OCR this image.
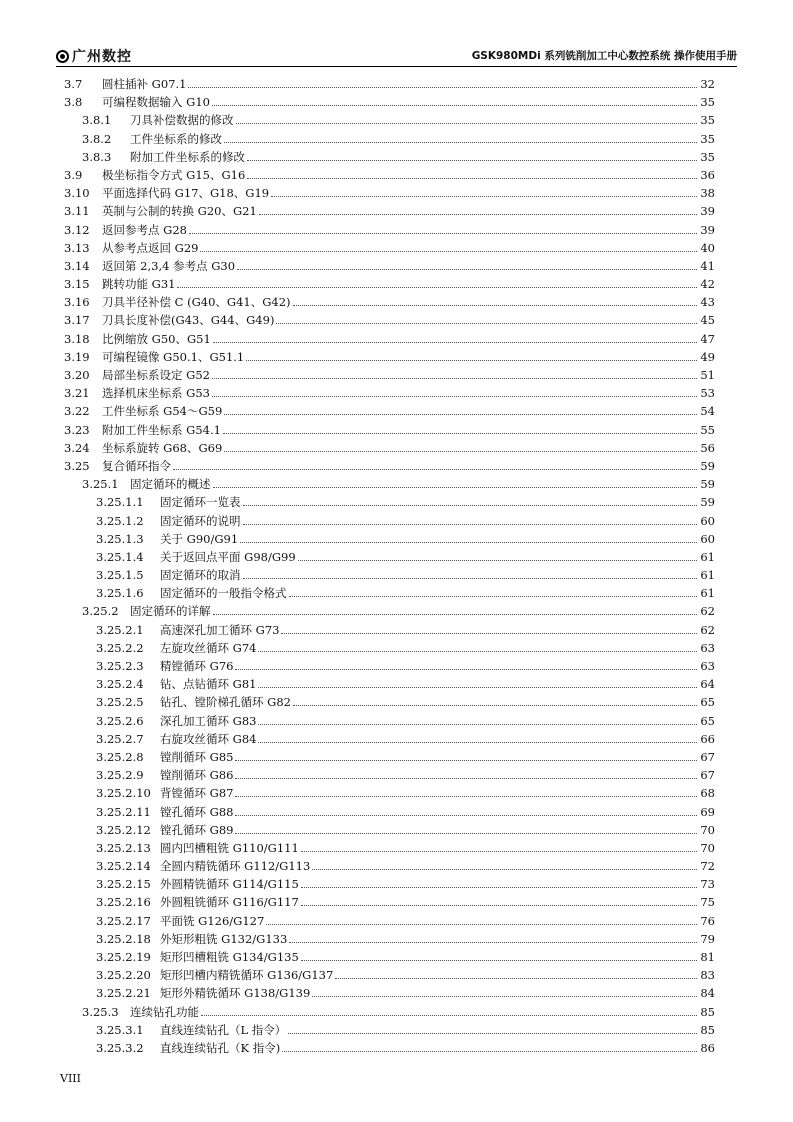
广州数控	GSK980MDi 系列铣削加工中心数控系统 操作使用手册
3.7	圆柱插补 G07.1	32
3.8	可编程数据输入 G10	35
3.8.1	刀具补偿数据的修改	35
3.8.2	工件坐标系的修改	35
3.8.3	附加工件坐标系的修改	35
3.9	极坐标指令方式 G15、G16	36
3.10	平面选择代码 G17、G18、G19	38
3.11	英制与公制的转换 G20、G21	39
3.12	返回参考点 G28	39
3.13	从参考点返回 G29	40
3.14	返回第 2,3,4 参考点 G30	41
3.15	跳转功能 G31	42
3.16	刀具半径补偿 C (G40、G41、G42)	43
3.17	刀具长度补偿(G43、G44、G49)	45
3.18	比例缩放 G50、G51	47
3.19	可编程镜像 G50.1、G51.1	49
3.20	局部坐标系设定 G52	51
3.21	选择机床坐标系 G53	53
3.22	工件坐标系 G54～G59	54
3.23	附加工件坐标系 G54.1	55
3.24	坐标系旋转 G68、G69	56
3.25	复合循环指令	59
3.25.1 固定循环的概述	59
3.25.1.1	固定循环一览表	59
3.25.1.2	固定循环的说明	60
3.25.1.3	关于 G90/G91	60
3.25.1.4	关于返回点平面 G98/G99	61
3.25.1.5	固定循环的取消	61
3.25.1.6	固定循环的一般指令格式	61
3.25.2 固定循环的详解	62
3.25.2.1	高速深孔加工循环 G73	62
3.25.2.2	左旋攻丝循环 G74	63
3.25.2.3	精镗循环 G76	63
3.25.2.4	钻、点钻循环 G81	64
3.25.2.5	钻孔、镗阶梯孔循环 G82	65
3.25.2.6	深孔加工循环 G83	65
3.25.2.7	右旋攻丝循环 G84	66
3.25.2.8	镗削循环 G85	67
3.25.2.9	镗削循环 G86	67
3.25.2.10 背镗循环 G87	68
3.25.2.11 镗孔循环 G88	69
3.25.2.12 镗孔循环 G89	70
3.25.2.13 圆内凹槽粗铣 G110/G111	70
3.25.2.14 全圆内精铣循环 G112/G113	72
3.25.2.15 外圆精铣循环 G114/G115	73
3.25.2.16 外圆粗铣循环 G116/G117	75
3.25.2.17 平面铣 G126/G127	76
3.25.2.18 外矩形粗铣 G132/G133	79
3.25.2.19 矩形凹槽粗铣 G134/G135	81
3.25.2.20 矩形凹槽内精铣循环 G136/G137	83
3.25.2.21 矩形外精铣循环 G138/G139	84
3.25.3 连续钻孔功能	85
3.25.3.1	直线连续钻孔（L 指令）	85
3.25.3.2	直线连续钻孔（K 指令)	86
VIII
